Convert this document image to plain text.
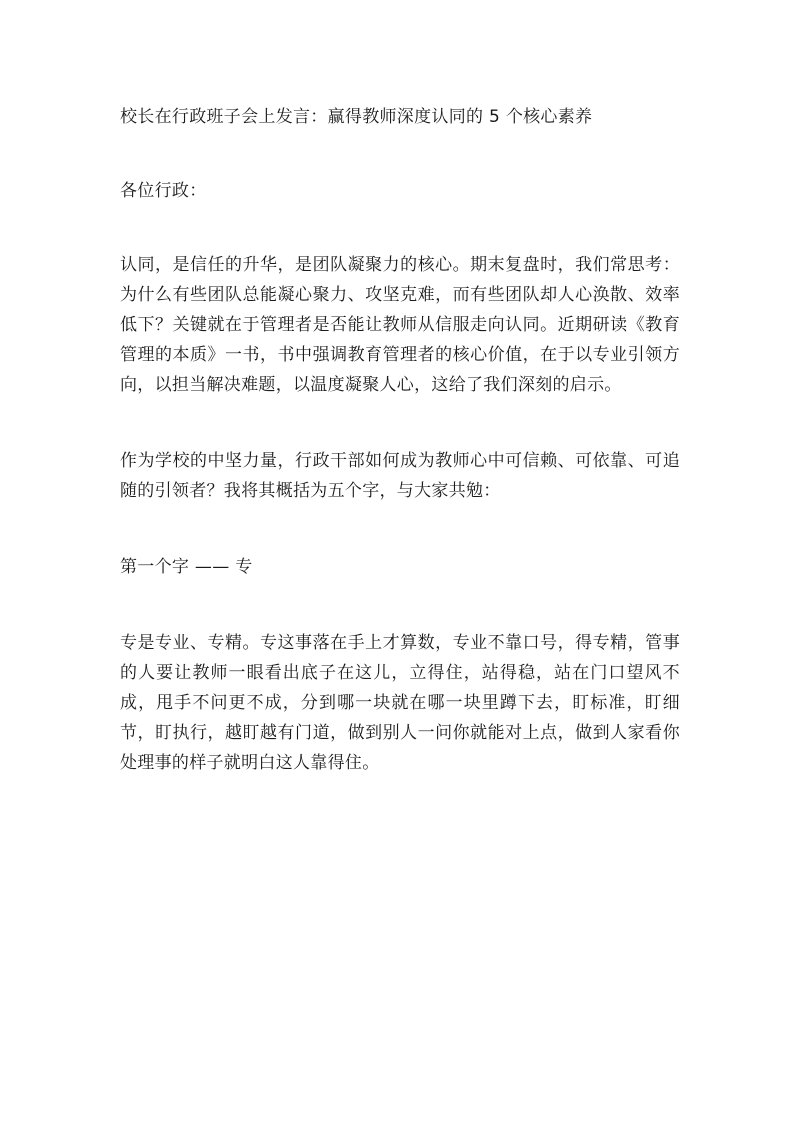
校长在行政班子会上发言：赢得教师深度认同的 5 个核心素养

各位行政：

认同，是信任的升华，是团队凝聚力的核心。期末复盘时，我们常思考：为什么有些团队总能凝心聚力、攻坚克难，而有些团队却人心涣散、效率低下？关键就在于管理者是否能让教师从信服走向认同。近期研读《教育管理的本质》一书，书中强调教育管理者的核心价值，在于以专业引领方向，以担当解决难题，以温度凝聚人心，这给了我们深刻的启示。

作为学校的中坚力量，行政干部如何成为教师心中可信赖、可依靠、可追随的引领者？我将其概括为五个字，与大家共勉：

第一个字 —— 专

专是专业、专精。专这事落在手上才算数，专业不靠口号，得专精，管事的人要让教师一眼看出底子在这儿，立得住，站得稳，站在门口望风不成，甩手不问更不成，分到哪一块就在哪一块里蹲下去，盯标准，盯细节，盯执行，越盯越有门道，做到别人一问你就能对上点，做到人家看你处理事的样子就明白这人靠得住。
